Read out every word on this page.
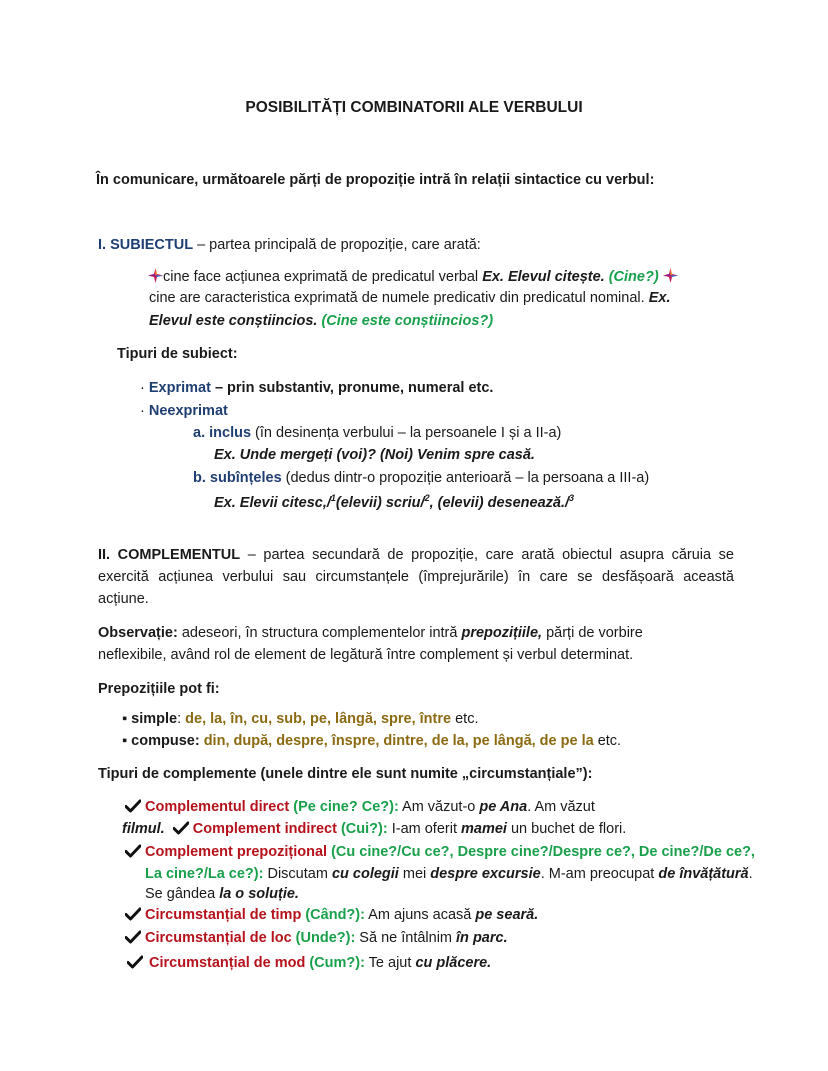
POSIBILITĂȚI COMBINATORII ALE VERBULUI
În comunicare, următoarele părți de propoziție intră în relații sintactice cu verbul:
I. SUBIECTUL – partea principală de propoziție, care arată:
cine face acțiunea exprimată de predicatul verbal Ex. Elevul citește. (Cine?)
cine are caracteristica exprimată de numele predicativ din predicatul nominal. Ex.
Elevul este conștiincios. (Cine este conștiincios?)
Tipuri de subiect:
· Exprimat – prin substantiv, pronume, numeral etc.
· Neexprimat
a. inclus (în desinența verbului – la persoanele I și a II-a)
Ex. Unde mergeți (voi)? (Noi) Venim spre casă.
b. subînțeles (dedus dintr-o propoziție anterioară – la persoana a III-a)
Ex. Elevii citesc,/$^1$(elevii) scriu/$^2$, (elevii) desenează./$^3$
II. COMPLEMENTUL – partea secundară de propoziție, care arată obiectul asupra căruia se exercită acțiunea verbului sau circumstanțele (împrejurările) în care se desfășoară această acțiune.
Observație: adeseori, în structura complementelor intră prepozițiile, părți de vorbire
neflexibile, având rol de element de legătură între complement și verbul determinat.
Prepozițiile pot fi:
▪ simple: de, la, în, cu, sub, pe, lângă, spre, între etc.
▪ compuse: din, după, despre, înspre, dintre, de la, pe lângă, de pe la etc.
Tipuri de complemente (unele dintre ele sunt numite „circumstanțiale”):
Complementul direct (Pe cine? Ce?): Am văzut-o pe Ana. Am văzut
filmul. Complement indirect (Cui?): I-am oferit mamei un buchet de flori.
Complement prepozițional (Cu cine?/Cu ce?, Despre cine?/Despre ce?, De cine?/De ce?,
La cine?/La ce?): Discutam cu colegii mei despre excursie. M-am preocupat de învățătură.
Se gândea la o soluție.
Circumstanțial de timp (Când?): Am ajuns acasă pe seară.
Circumstanțial de loc (Unde?): Să ne întâlnim în parc.
Circumstanțial de mod (Cum?): Te ajut cu plăcere.
